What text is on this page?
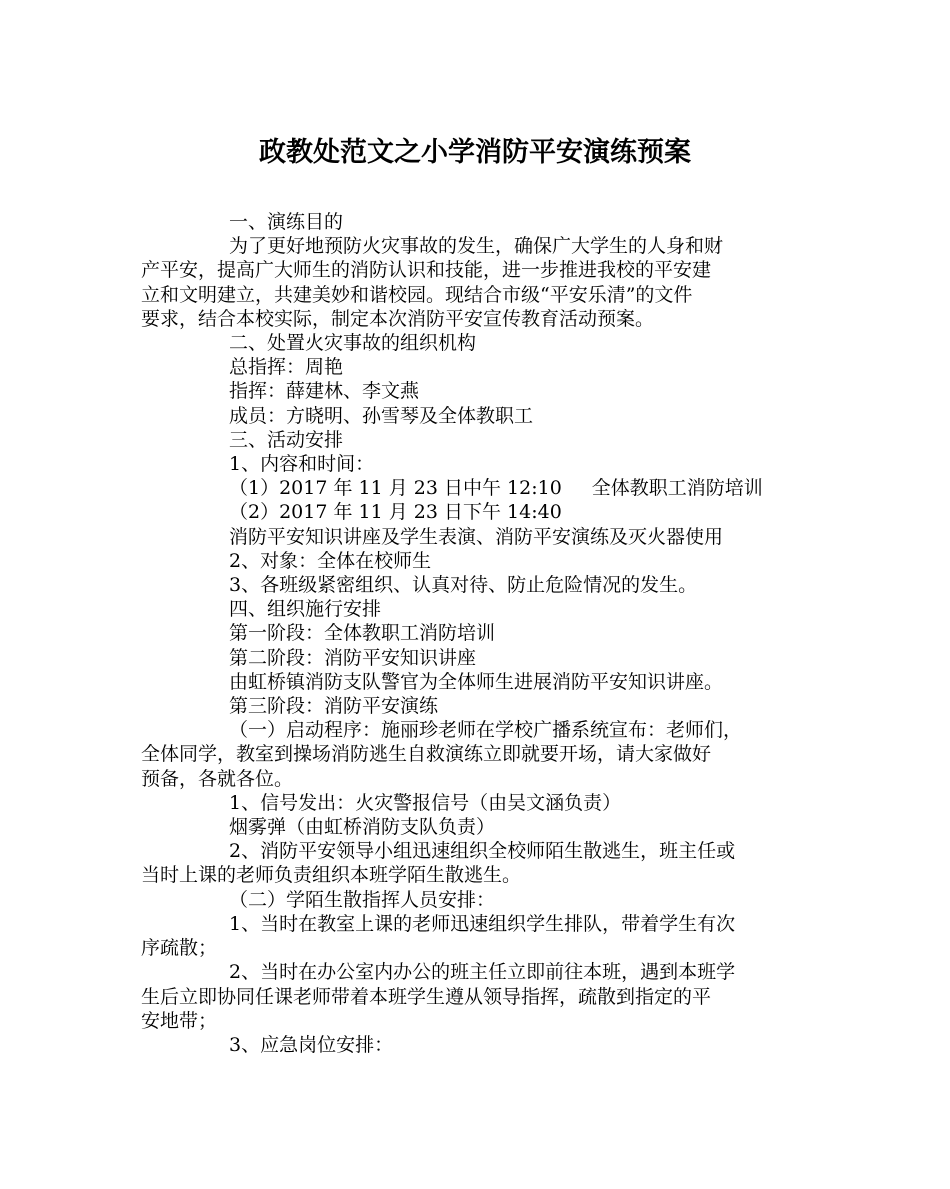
政教处范文之小学消防平安演练预案
一、演练目的
为了更好地预防火灾事故的发生，确保广大学生的人身和财
产平安，提高广大师生的消防认识和技能，进一步推进我校的平安建
立和文明建立，共建美妙和谐校园。现结合市级“平安乐清”的文件
要求，结合本校实际，制定本次消防平安宣传教育活动预案。
二、处置火灾事故的组织机构
总指挥：周艳
指挥：薛建林、李文燕
成员：方晓明、孙雪琴及全体教职工
三、活动安排
1、内容和时间：
（1）2017 年 11 月 23 日中午 12:10 全体教职工消防培训
（2）2017 年 11 月 23 日下午 14:40
消防平安知识讲座及学生表演、消防平安演练及灭火器使用
2、对象：全体在校师生
3、各班级紧密组织、认真对待、防止危险情况的发生。
四、组织施行安排
第一阶段：全体教职工消防培训
第二阶段：消防平安知识讲座
由虹桥镇消防支队警官为全体师生进展消防平安知识讲座。
第三阶段：消防平安演练
（一）启动程序：施丽珍老师在学校广播系统宣布：老师们，
全体同学，教室到操场消防逃生自救演练立即就要开场，请大家做好
预备，各就各位。
1、信号发出：火灾警报信号（由吴文涵负责）
烟雾弹（由虹桥消防支队负责）
2、消防平安领导小组迅速组织全校师陌生散逃生，班主任或
当时上课的老师负责组织本班学陌生散逃生。
（二）学陌生散指挥人员安排：
1、当时在教室上课的老师迅速组织学生排队，带着学生有次
序疏散；
2、当时在办公室内办公的班主任立即前往本班，遇到本班学
生后立即协同任课老师带着本班学生遵从领导指挥，疏散到指定的平
安地带；
3、应急岗位安排：
